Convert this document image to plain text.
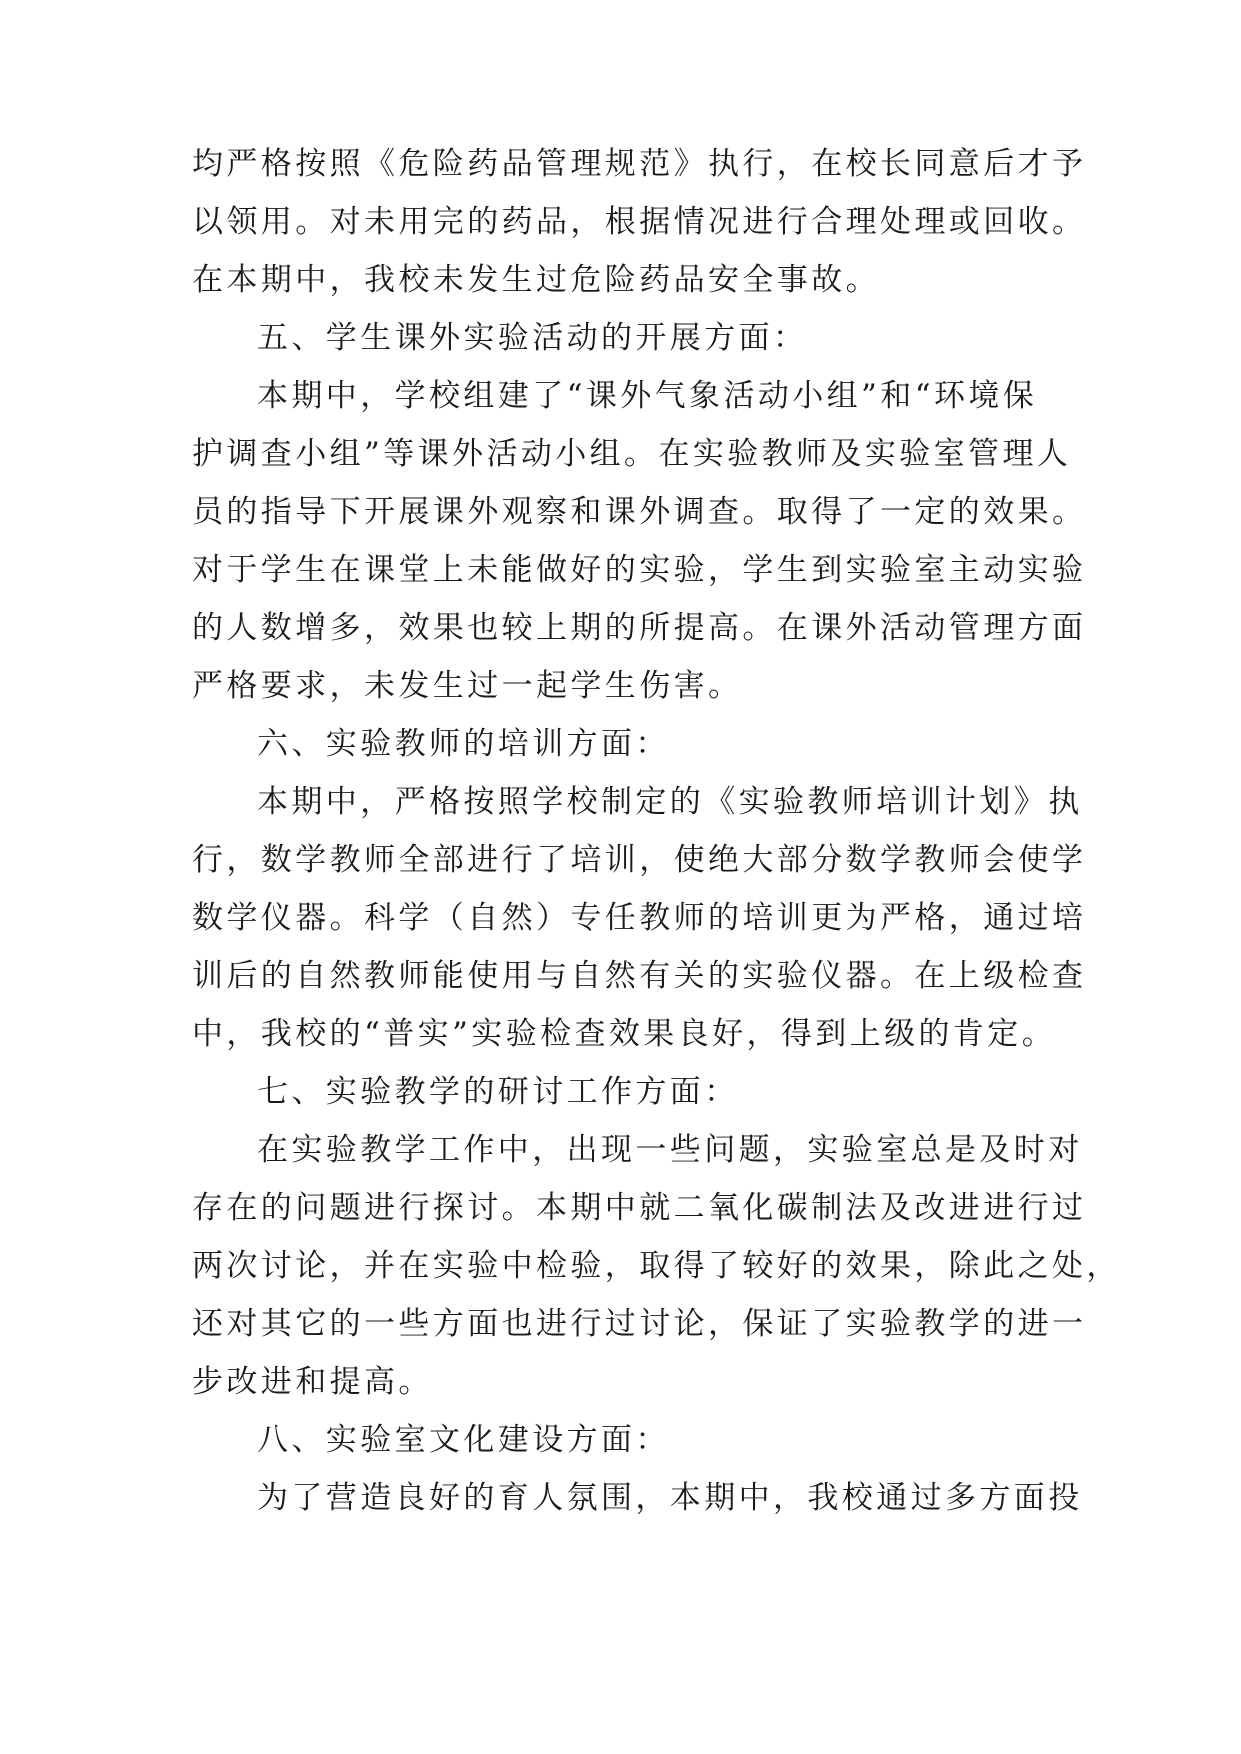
均严格按照《危险药品管理规范》执行，在校长同意后才予
以领用。对未用完的药品，根据情况进行合理处理或回收。
在本期中，我校未发生过危险药品安全事故。
五、学生课外实验活动的开展方面：
本期中，学校组建了“课外气象活动小组”和“环境保
护调查小组”等课外活动小组。在实验教师及实验室管理人
员的指导下开展课外观察和课外调查。取得了一定的效果。
对于学生在课堂上未能做好的实验，学生到实验室主动实验
的人数增多，效果也较上期的所提高。在课外活动管理方面
严格要求，未发生过一起学生伤害。
六、实验教师的培训方面：
本期中，严格按照学校制定的《实验教师培训计划》执
行，数学教师全部进行了培训，使绝大部分数学教师会使学
数学仪器。科学（自然）专任教师的培训更为严格，通过培
训后的自然教师能使用与自然有关的实验仪器。在上级检查
中，我校的“普实”实验检查效果良好，得到上级的肯定。
七、实验教学的研讨工作方面：
在实验教学工作中，出现一些问题，实验室总是及时对
存在的问题进行探讨。本期中就二氧化碳制法及改进进行过
两次讨论，并在实验中检验，取得了较好的效果，除此之处，
还对其它的一些方面也进行过讨论，保证了实验教学的进一
步改进和提高。
八、实验室文化建设方面：
为了营造良好的育人氛围，本期中，我校通过多方面投
